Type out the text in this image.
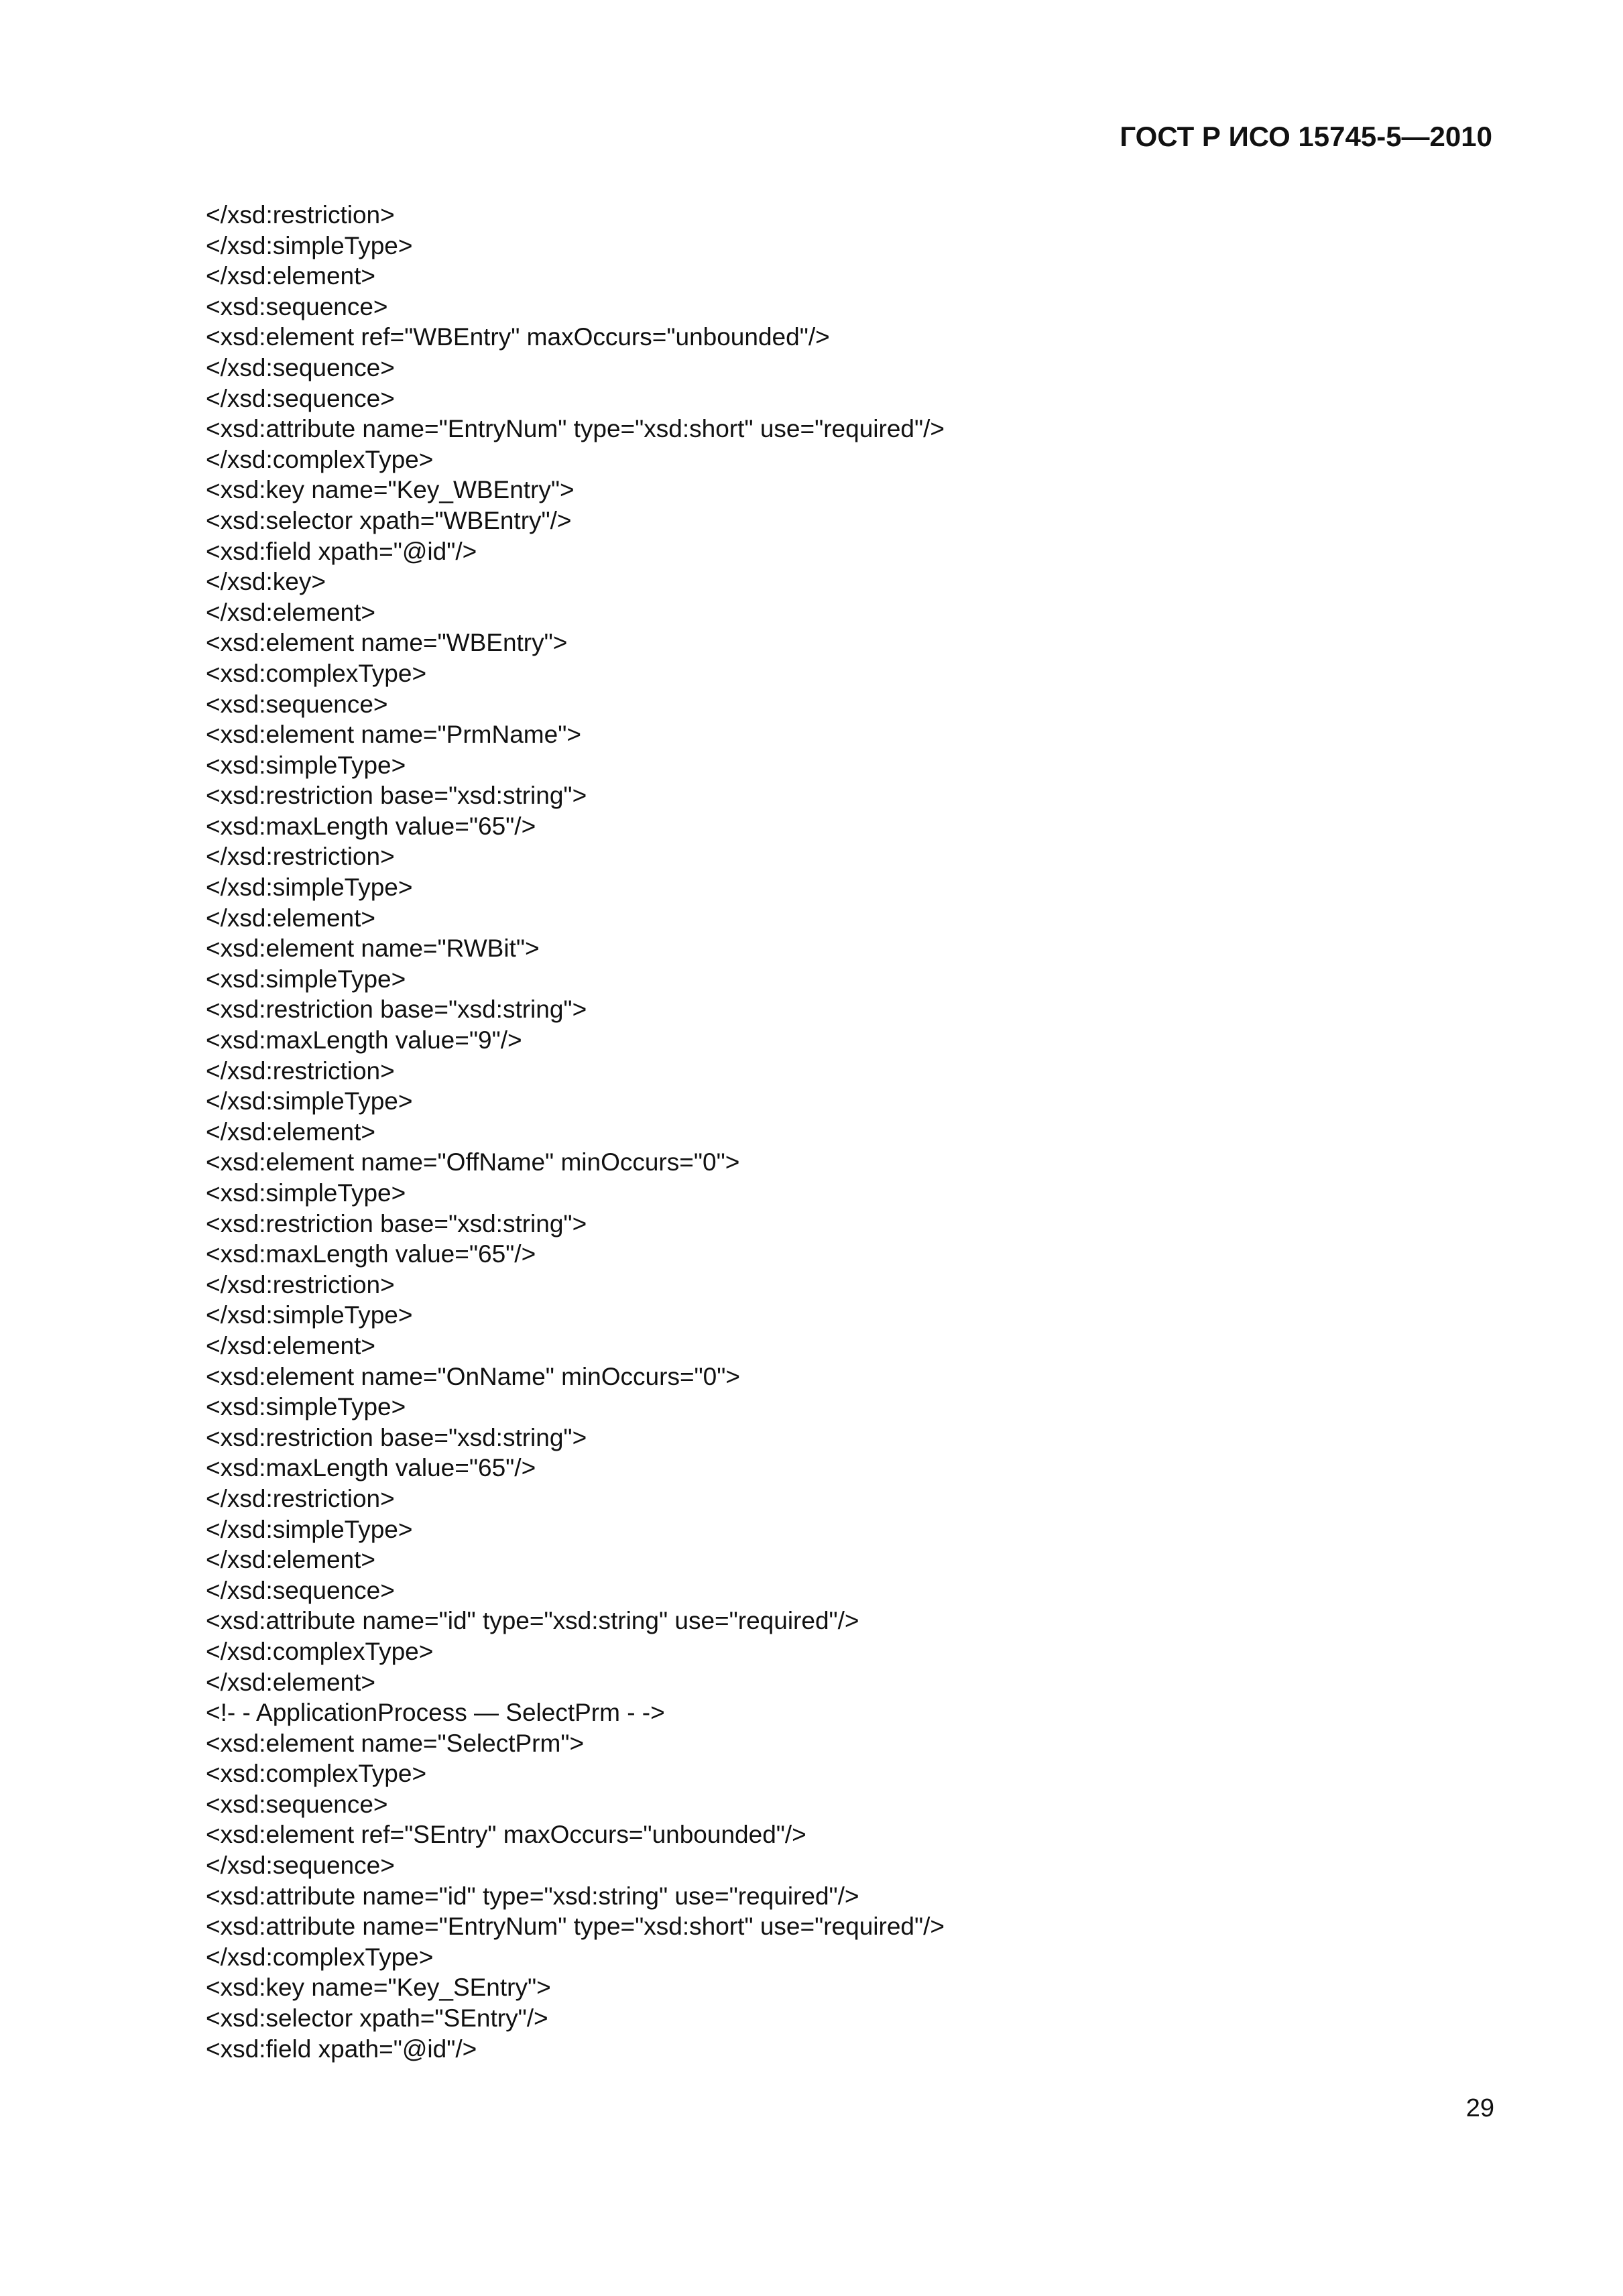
ГОСТ Р ИСО 15745-5—2010
</xsd:restriction>
</xsd:simpleType>
</xsd:element>
<xsd:sequence>
<xsd:element ref="WBEntry" maxOccurs="unbounded"/>
</xsd:sequence>
</xsd:sequence>
<xsd:attribute name="EntryNum" type="xsd:short" use="required"/>
</xsd:complexType>
<xsd:key name="Key_WBEntry">
<xsd:selector xpath="WBEntry"/>
<xsd:field xpath="@id"/>
</xsd:key>
</xsd:element>
<xsd:element name="WBEntry">
<xsd:complexType>
<xsd:sequence>
<xsd:element name="PrmName">
<xsd:simpleType>
<xsd:restriction base="xsd:string">
<xsd:maxLength value="65"/>
</xsd:restriction>
</xsd:simpleType>
</xsd:element>
<xsd:element name="RWBit">
<xsd:simpleType>
<xsd:restriction base="xsd:string">
<xsd:maxLength value="9"/>
</xsd:restriction>
</xsd:simpleType>
</xsd:element>
<xsd:element name="OffName" minOccurs="0">
<xsd:simpleType>
<xsd:restriction base="xsd:string">
<xsd:maxLength value="65"/>
</xsd:restriction>
</xsd:simpleType>
</xsd:element>
<xsd:element name="OnName" minOccurs="0">
<xsd:simpleType>
<xsd:restriction base="xsd:string">
<xsd:maxLength value="65"/>
</xsd:restriction>
</xsd:simpleType>
</xsd:element>
</xsd:sequence>
<xsd:attribute name="id" type="xsd:string" use="required"/>
</xsd:complexType>
</xsd:element>
<!- - ApplicationProcess — SelectPrm - ->
<xsd:element name="SelectPrm">
<xsd:complexType>
<xsd:sequence>
<xsd:element ref="SEntry" maxOccurs="unbounded"/>
</xsd:sequence>
<xsd:attribute name="id" type="xsd:string" use="required"/>
<xsd:attribute name="EntryNum" type="xsd:short" use="required"/>
</xsd:complexType>
<xsd:key name="Key_SEntry">
<xsd:selector xpath="SEntry"/>
<xsd:field xpath="@id"/>
29
